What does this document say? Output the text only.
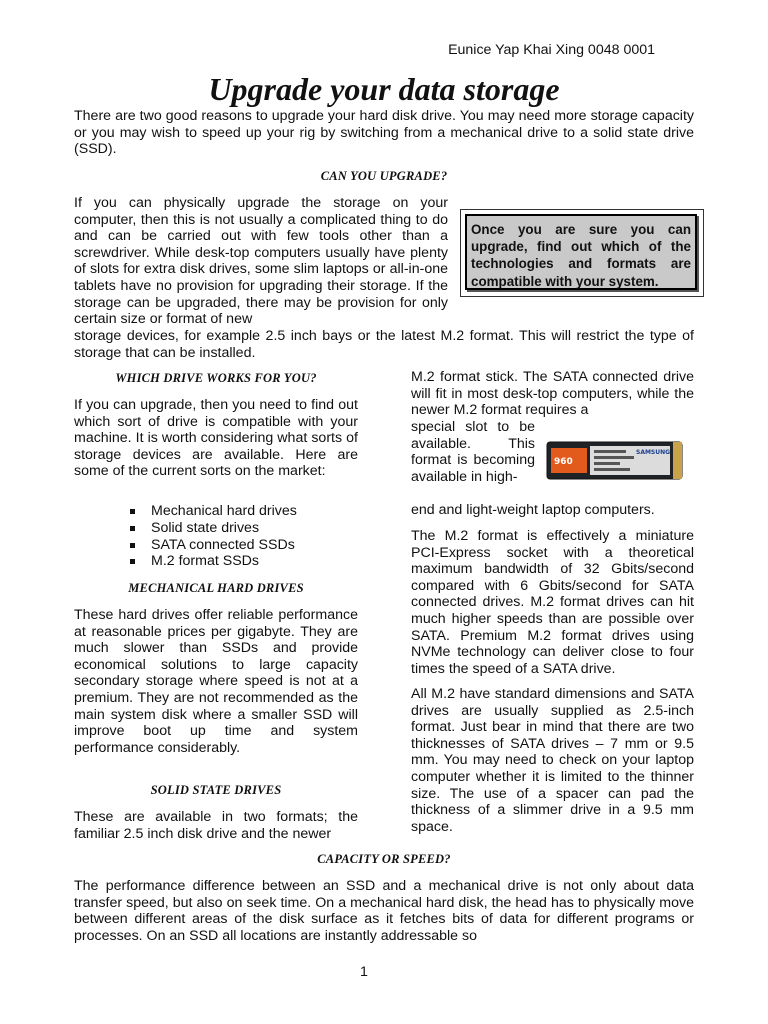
Eunice Yap Khai Xing 0048 0001
Upgrade your data storage

There are two good reasons to upgrade your hard disk drive. You may need more storage capacity or you may wish to speed up your rig by switching from a mechanical drive to a solid state drive (SSD).

CAN YOU UPGRADE?

If you can physically upgrade the storage on your computer, then this is not usually a complicated thing to do and can be carried out with few tools other than a screwdriver. While desk-top computers usually have plenty of slots for extra disk drives, some slim laptops or all-in-one tablets have no provision for upgrading their storage. If the storage can be upgraded, there may be provision for only certain size or format of new

storage devices, for example 2.5 inch bays or the latest M.2 format. This will restrict the type of storage that can be installed.

Once you are sure you can upgrade, find out which of the technologies and formats are compatible with your system.

WHICH DRIVE WORKS FOR YOU?

If you can upgrade, then you need to find out which sort of drive is compatible with your machine. It is worth considering what sorts of storage devices are available. Here are some of the current sorts on the market:

Mechanical hard drives
Solid state drives
SATA connected SSDs
M.2 format SSDs

MECHANICAL HARD DRIVES

These hard drives offer reliable performance at reasonable prices per gigabyte. They are much slower than SSDs and provide economical solutions to large capacity secondary storage where speed is not at a premium. They are not recommended as the main system disk where a smaller SSD will improve boot up time and system performance considerably.

SOLID STATE DRIVES

These are available in two formats; the familiar 2.5 inch disk drive and the newer

M.2 format stick. The SATA connected drive will fit in most desk-top computers, while the newer M.2 format requires a

special slot to be available. This format is becoming available in high-

end and light-weight laptop computers.

960
SAMSUNG

The M.2 format is effectively a miniature PCI-Express socket with a theoretical maximum bandwidth of 32 Gbits/second compared with 6 Gbits/second for SATA connected drives. M.2 format drives can hit much higher speeds than are possible over SATA. Premium M.2 format drives using NVMe technology can deliver close to four times the speed of a SATA drive.

All M.2 have standard dimensions and SATA drives are usually supplied as 2.5-inch format. Just bear in mind that there are two thicknesses of SATA drives – 7 mm or 9.5 mm. You may need to check on your laptop computer whether it is limited to the thinner size. The use of a spacer can pad the thickness of a slimmer drive in a 9.5 mm space.

CAPACITY OR SPEED?

The performance difference between an SSD and a mechanical drive is not only about data transfer speed, but also on seek time. On a mechanical hard disk, the head has to physically move between different areas of the disk surface as it fetches bits of data for different programs or processes. On an SSD all locations are instantly addressable so

1
